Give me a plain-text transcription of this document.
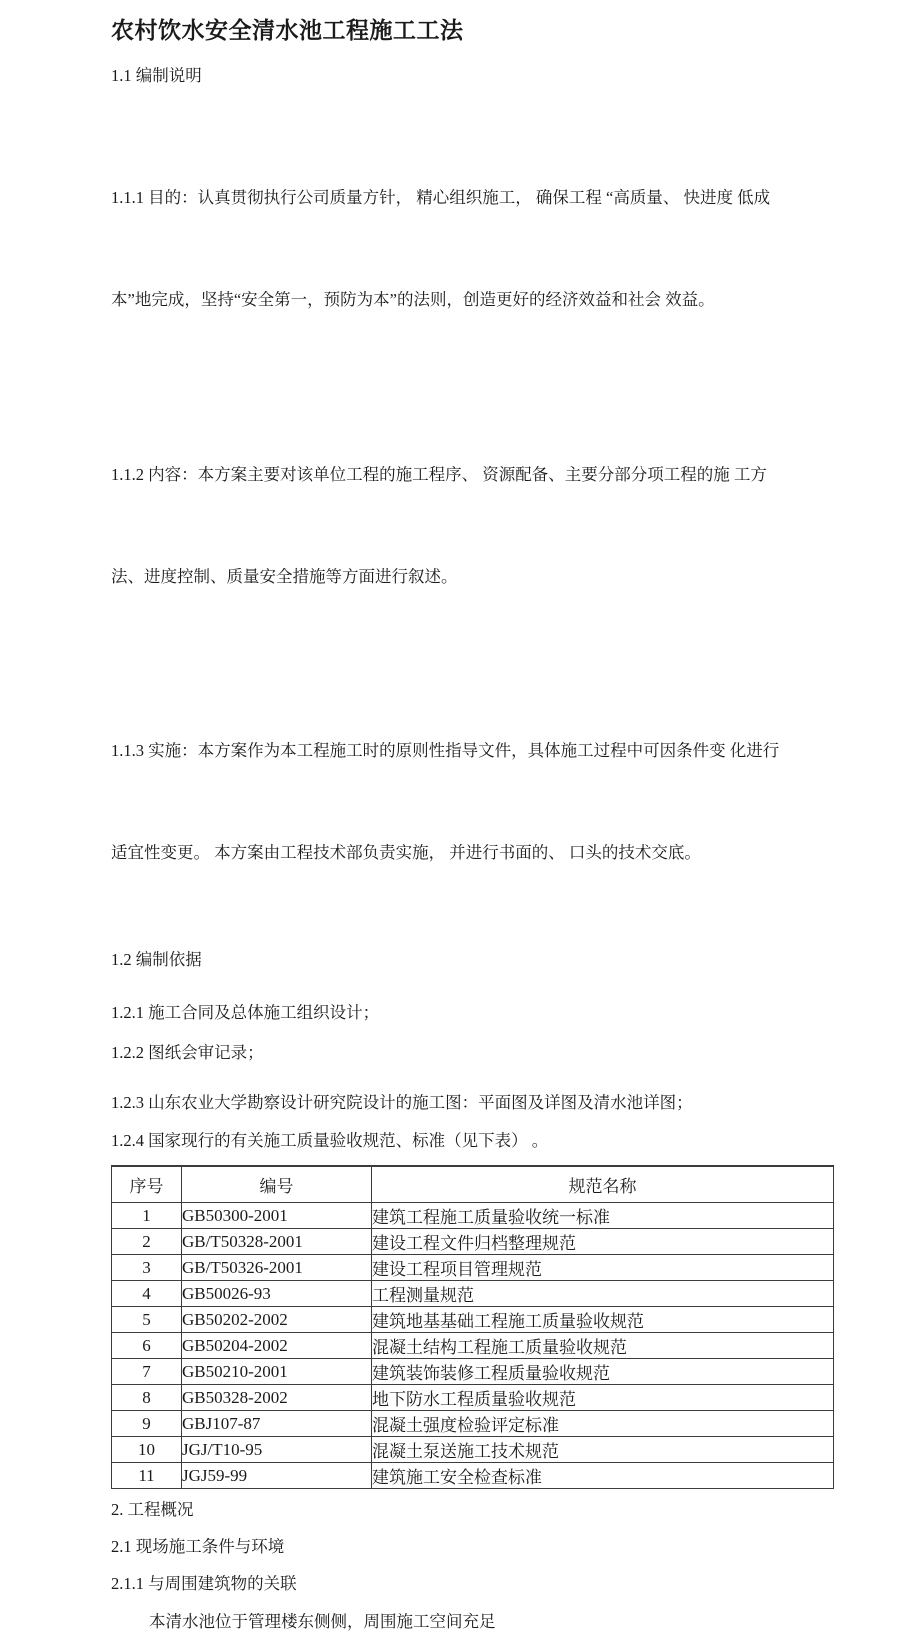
农村饮水安全清水池工程施工工法
1.1 编制说明

1.1.1 目的：认真贯彻执行公司质量方针， 精心组织施工， 确保工程 “高质量、 快进度 低成

本”地完成，坚持“安全第一，预防为本”的法则，创造更好的经济效益和社会 效益。

1.1.2 内容：本方案主要对该单位工程的施工程序、 资源配备、主要分部分项工程的施 工方

法、进度控制、质量安全措施等方面进行叙述。

1.1.3 实施：本方案作为本工程施工时的原则性指导文件，具体施工过程中可因条件变 化进行

适宜性变更。 本方案由工程技术部负责实施， 并进行书面的、 口头的技术交底。

1.2 编制依据
1.2.1 施工合同及总体施工组织设计；
1.2.2 图纸会审记录；
1.2.3 山东农业大学勘察设计研究院设计的施工图：平面图及详图及清水池详图；
1.2.4 国家现行的有关施工质量验收规范、标准（见下表） 。
序号	编号	规范名称
1	GB50300-2001	建筑工程施工质量验收统一标准
2	GB/T50328-2001	建设工程文件归档整理规范
3	GB/T50326-2001	建设工程项目管理规范
4	GB50026-93	工程测量规范
5	GB50202-2002	建筑地基基础工程施工质量验收规范
6	GB50204-2002	混凝土结构工程施工质量验收规范
7	GB50210-2001	建筑装饰装修工程质量验收规范
8	GB50328-2002	地下防水工程质量验收规范
9	GBJ107-87	混凝土强度检验评定标准
10	JGJ/T10-95	混凝土泵送施工技术规范
11	JGJ59-99	建筑施工安全检查标准
2. 工程概况
2.1 现场施工条件与环境
2.1.1 与周围建筑物的关联
本清水池位于管理楼东侧侧，周围施工空间充足
